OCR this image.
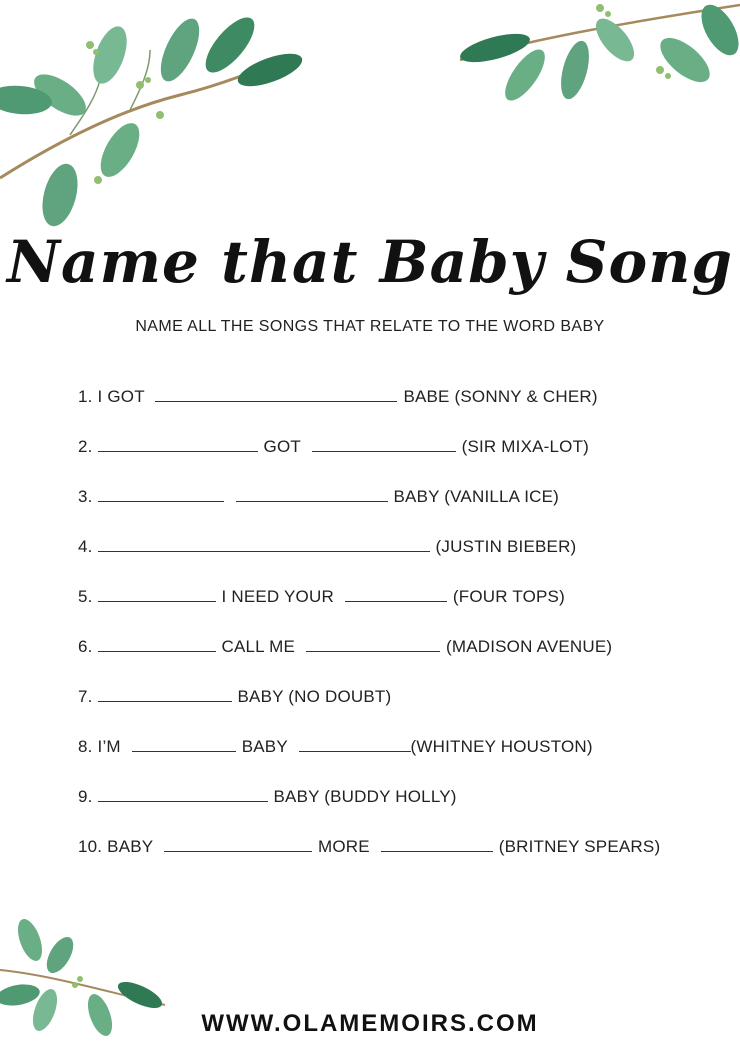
Name that Baby Song
NAME ALL THE SONGS THAT RELATE TO THE WORD BABY
1. I GOT	BABE (SONNY & CHER)
2.	GOT	(SIR MIXA-LOT)
3.	BABY (VANILLA ICE)
4.	(JUSTIN BIEBER)
5.	I NEED YOUR	(FOUR TOPS)
6.	CALL ME	(MADISON AVENUE)
7.	BABY (NO DOUBT)
8. I’M	BABY	(WHITNEY HOUSTON)
9.	BABY (BUDDY HOLLY)
10. BABY	MORE	(BRITNEY SPEARS)
WWW.OLAMEMOIRS.COM
